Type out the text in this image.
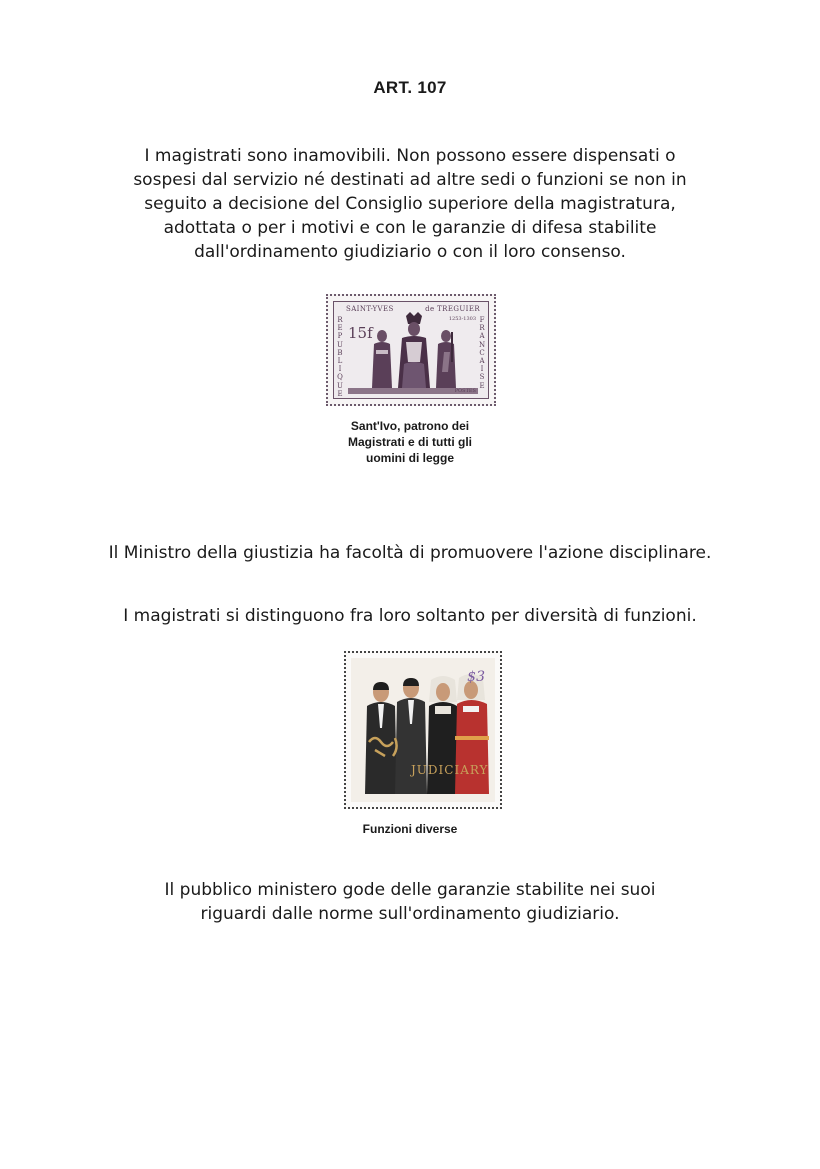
ART. 107
I magistrati sono inamovibili. Non possono essere dispensati o
sospesi dal servizio né destinati ad altre sedi o funzioni se non in
seguito a decisione del Consiglio superiore della magistratura,
adottata o per i motivi e con le garanzie di difesa stabilite
dall'ordinamento giudiziario o con il loro consenso.
SAINT-YVES	de TREGUIER
1253-1303
R
E
P
U
B
L
I
Q
U
E
F
R
A
N
C
A
I
S
E
15f
POSTES
Sant'Ivo, patrono dei
Magistrati e di tutti gli
uomini di legge
Il Ministro della giustizia ha facoltà di promuovere l'azione disciplinare.
I magistrati si distinguono fra loro soltanto per diversità di funzioni.
$3
JUDICIARY
Funzioni diverse
Il pubblico ministero gode delle garanzie stabilite nei suoi
riguardi dalle norme sull'ordinamento giudiziario.
